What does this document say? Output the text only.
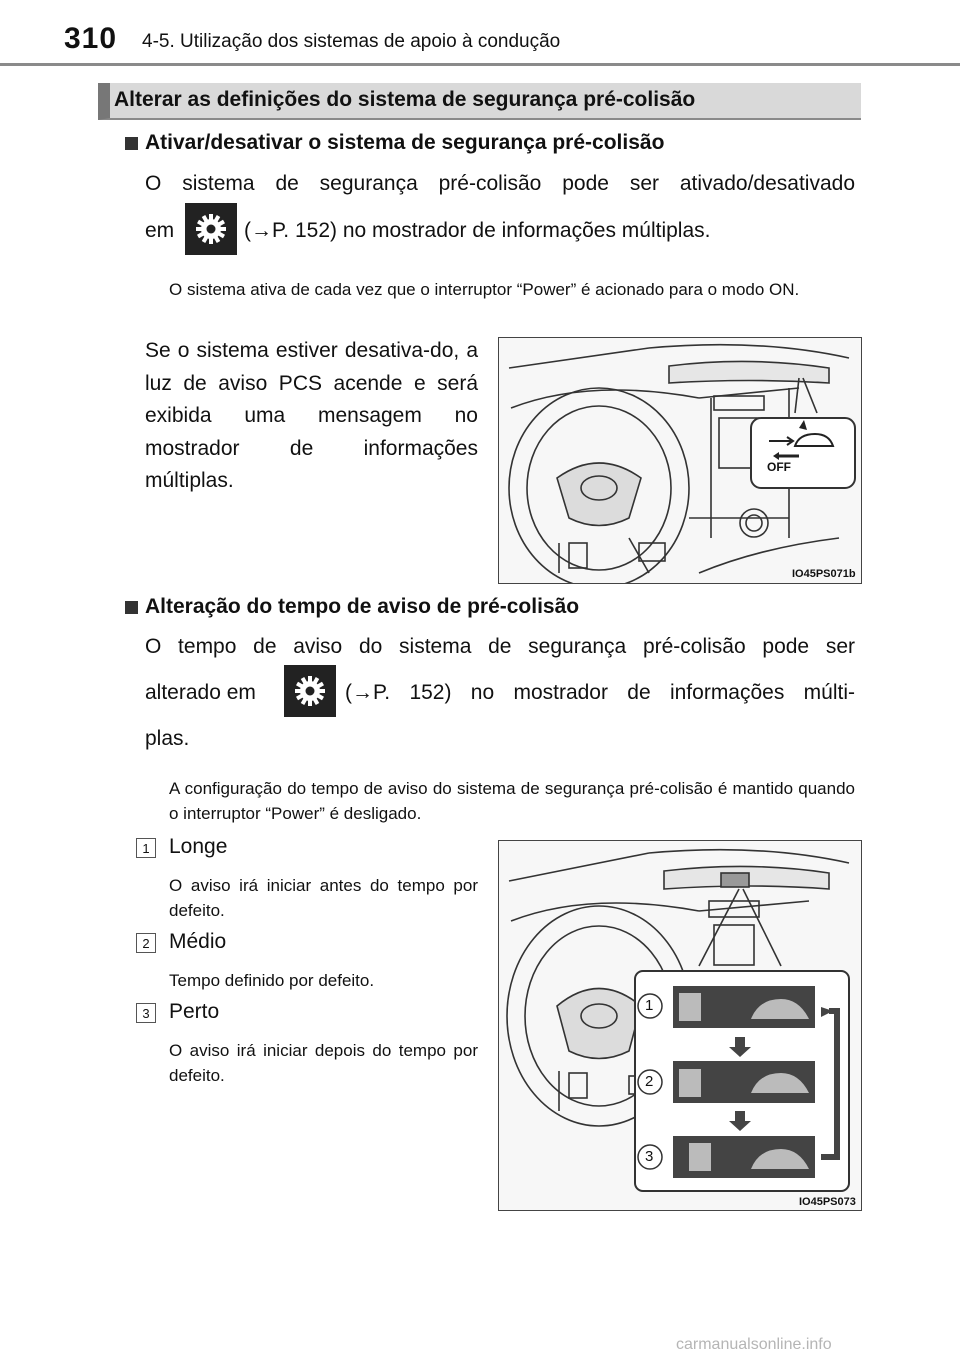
310 4-5. Utilização dos sistemas de apoio à condução
Alterar as definições do sistema de segurança pré-colisão
Ativar/desativar o sistema de segurança pré-colisão
O sistema de segurança pré-colisão pode ser ativado/desativado
em	(→P. 152) no mostrador de informações múltiplas.
O sistema ativa de cada vez que o interruptor “Power” é acionado para o modo ON.
Se o sistema estiver desativa-do, a luz de aviso PCS acende e será exibida uma mensagem no mostrador de informações múltiplas.
OFF
IO45PS071b
Alteração do tempo de aviso de pré-colisão
O tempo de aviso do sistema de segurança pré-colisão pode ser
alterado em	(→P. 152) no mostrador de informações múlti-
plas.
A configuração do tempo de aviso do sistema de segurança pré-colisão é mantido quando o interruptor “Power” é desligado.
1 Longe
O aviso irá iniciar antes do tempo por defeito.
2 Médio
Tempo definido por defeito.
3 Perto
O aviso irá iniciar depois do tempo por defeito.
1
2
3
IO45PS073
carmanualsonline.info
